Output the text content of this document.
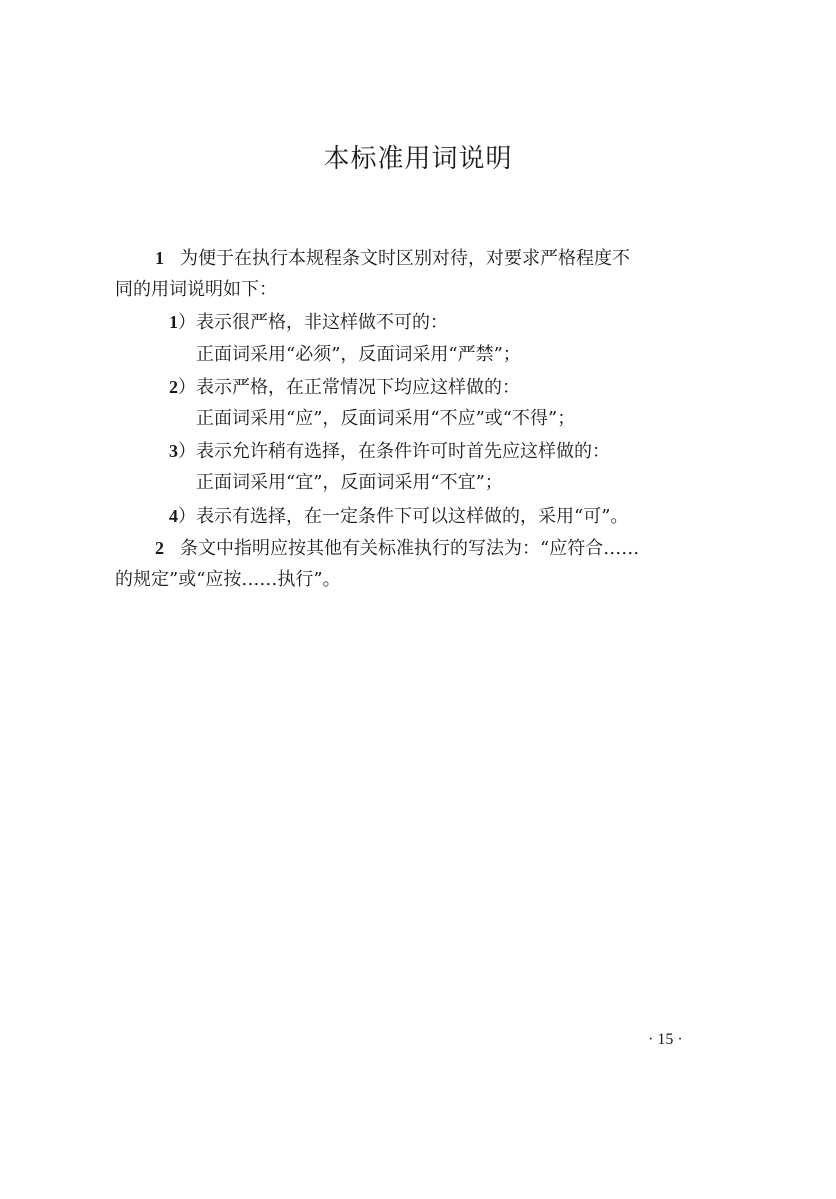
本标准用词说明
1 为便于在执行本规程条文时区别对待，对要求严格程度不
同的用词说明如下：
1）表示很严格，非这样做不可的：
正面词采用“必须”，反面词采用“严禁”；
2）表示严格，在正常情况下均应这样做的：
正面词采用“应”，反面词采用“不应”或“不得”；
3）表示允许稍有选择，在条件许可时首先应这样做的：
正面词采用“宜”，反面词采用“不宜”；
4）表示有选择，在一定条件下可以这样做的，采用“可”。
2 条文中指明应按其他有关标准执行的写法为：“应符合……
的规定”或“应按……执行”。
· 15 ·
